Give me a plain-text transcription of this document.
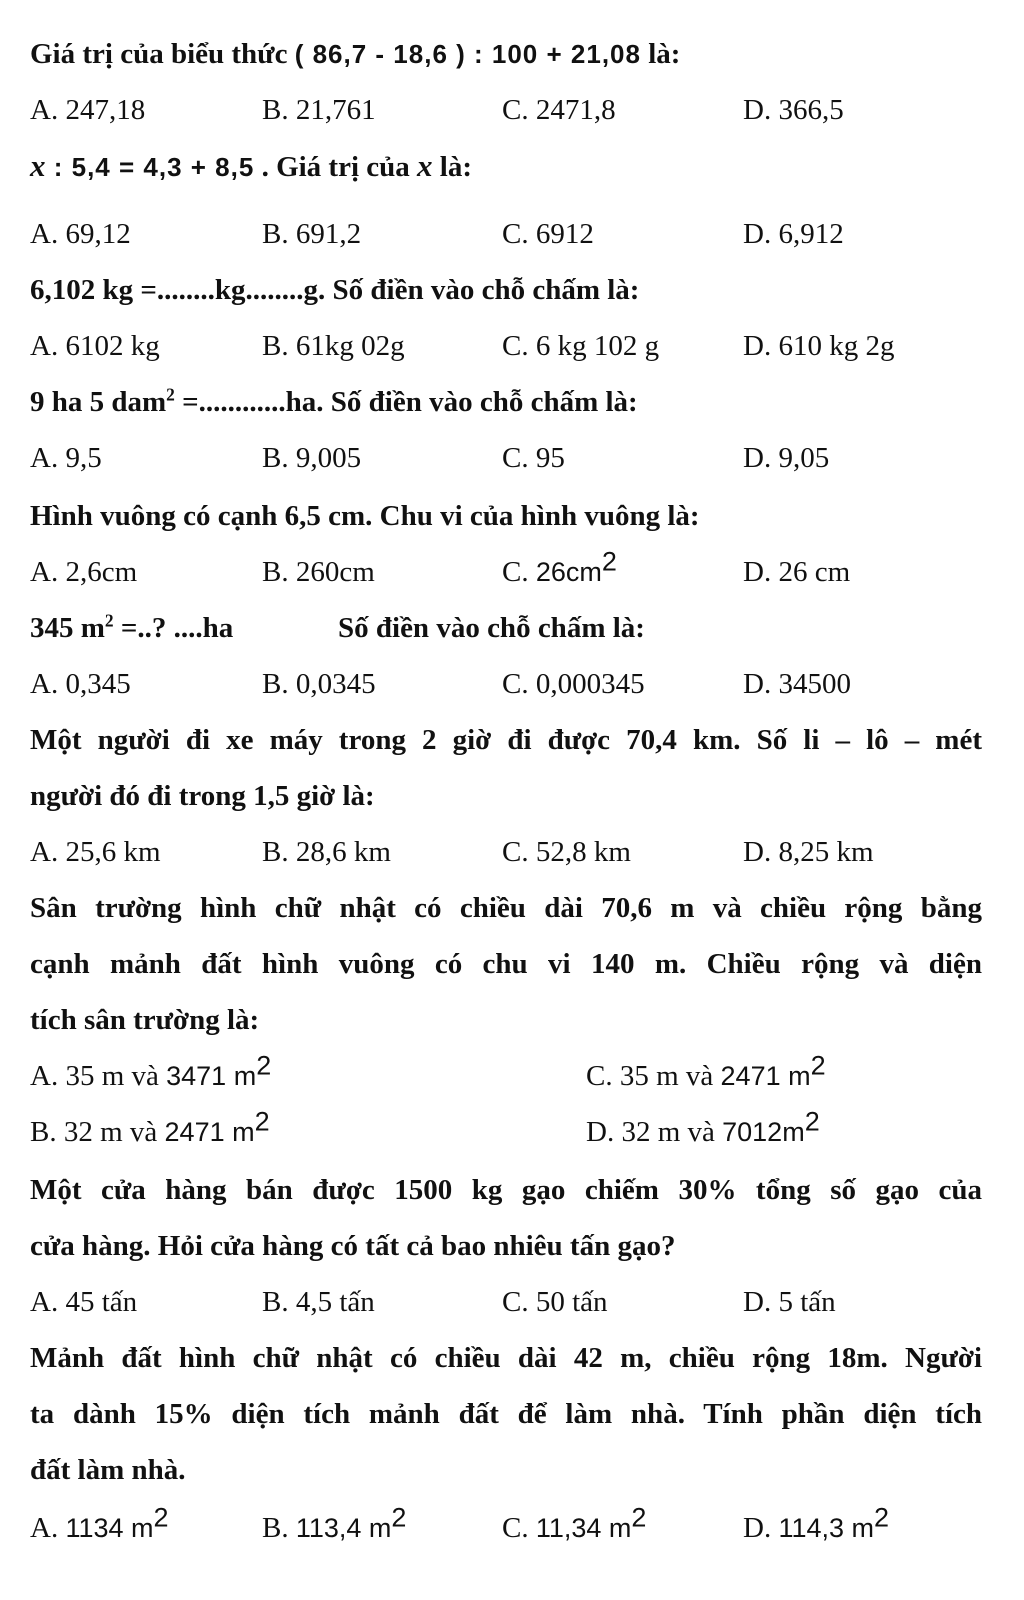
Giá trị của biểu thức ( 86,7 - 18,6 ) : 100 + 21,08 là:
A. 247,18	B. 21,761	C. 2471,8	D. 366,5
x : 5,4 = 4,3 + 8,5 . Giá trị của x là:
A. 69,12	B. 691,2	C. 6912	D. 6,912
6,102 kg =........kg........g. Số điền vào chỗ chấm là:
A. 6102 kg	B. 61kg 02g	C. 6 kg 102 g	D. 610 kg 2g
9 ha 5 dam$^2$ =............ha. Số điền vào chỗ chấm là:
A. 9,5	B. 9,005	C. 95	D. 9,05
Hình vuông có cạnh 6,5 cm. Chu vi của hình vuông là:
A. 2,6cm	B. 260cm	C. $26cm^2$	D. 26 cm
345 $m^2$ =..? ....ha	Số điền vào chỗ chấm là:
A. 0,345	B. 0,0345	C. 0,000345	D. 34500
Một người đi xe máy trong 2 giờ đi được 70,4 km. Số li – lô – mét
người đó đi trong 1,5 giờ là:
A. 25,6 km	B. 28,6 km	C. 52,8 km	D. 8,25 km
Sân trường hình chữ nhật có chiều dài 70,6 m và chiều rộng bằng
cạnh mảnh đất hình vuông có chu vi 140 m. Chiều rộng và diện
tích sân trường là:
A. 35 m và 3471 $m^2$	C. 35 m và 2471 $m^2$
B. 32 m và 2471 $m^2$	D. 32 m và $7012m^2$
Một cửa hàng bán được 1500 kg gạo chiếm 30% tổng số gạo của
cửa hàng. Hỏi cửa hàng có tất cả bao nhiêu tấn gạo?
A. 45 tấn	B. 4,5 tấn	C. 50 tấn	D. 5 tấn
Mảnh đất hình chữ nhật có chiều dài 42 m, chiều rộng 18m. Người
ta dành 15% diện tích mảnh đất để làm nhà. Tính phần diện tích
đất làm nhà.
A. 1134 $m^2$	B. 113,4 $m^2$	C. 11,34 $m^2$	D. 114,3 $m^2$
